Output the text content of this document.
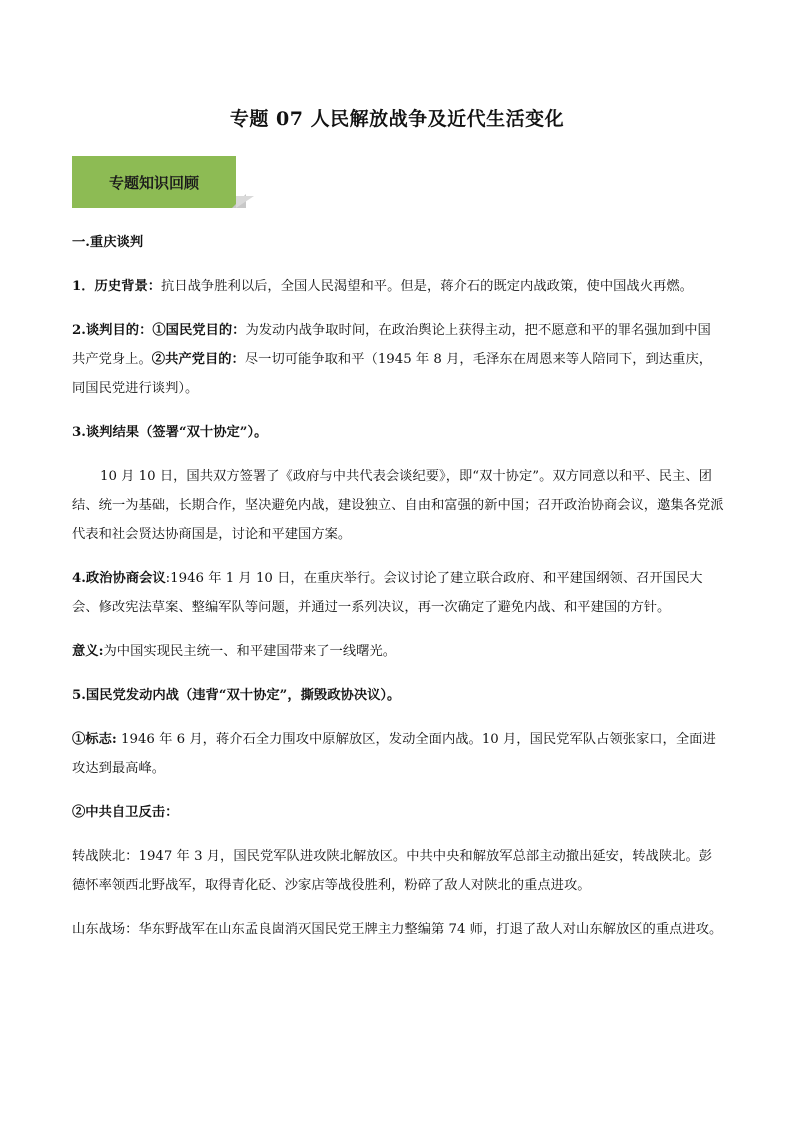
专题 07 人民解放战争及近代生活变化
专题知识回顾

一.重庆谈判

1．历史背景：抗日战争胜利以后，全国人民渴望和平。但是，蒋介石的既定内战政策，使中国战火再燃。

2.谈判目的：①国民党目的：为发动内战争取时间，在政治舆论上获得主动，把不愿意和平的罪名强加到中国共产党身上。②共产党目的：尽一切可能争取和平（1945 年 8 月，毛泽东在周恩来等人陪同下，到达重庆，同国民党进行谈判）。

3.谈判结果（签署“双十协定”）。

10 月 10 日，国共双方签署了《政府与中共代表会谈纪要》，即“双十协定”。双方同意以和平、民主、团结、统一为基础，长期合作，坚决避免内战，建设独立、自由和富强的新中国；召开政治协商会议，邀集各党派代表和社会贤达协商国是，讨论和平建国方案。

4.政治协商会议:1946 年 1 月 10 日，在重庆举行。会议讨论了建立联合政府、和平建国纲领、召开国民大会、修改宪法草案、整编军队等问题，并通过一系列决议，再一次确定了避免内战、和平建国的方针。

意义:为中国实现民主统一、和平建国带来了一线曙光。

5.国民党发动内战（违背“双十协定”，撕毁政协决议）。

①标志: 1946 年 6 月，蒋介石全力围攻中原解放区，发动全面内战。10 月，国民党军队占领张家口，全面进攻达到最高峰。

②中共自卫反击：

转战陕北：1947 年 3 月，国民党军队进攻陕北解放区。中共中央和解放军总部主动撤出延安，转战陕北。彭德怀率领西北野战军，取得青化砭、沙家店等战役胜利，粉碎了敌人对陕北的重点进攻。

山东战场：华东野战军在山东孟良崮消灭国民党王牌主力整编第 74 师，打退了敌人对山东解放区的重点进攻。
